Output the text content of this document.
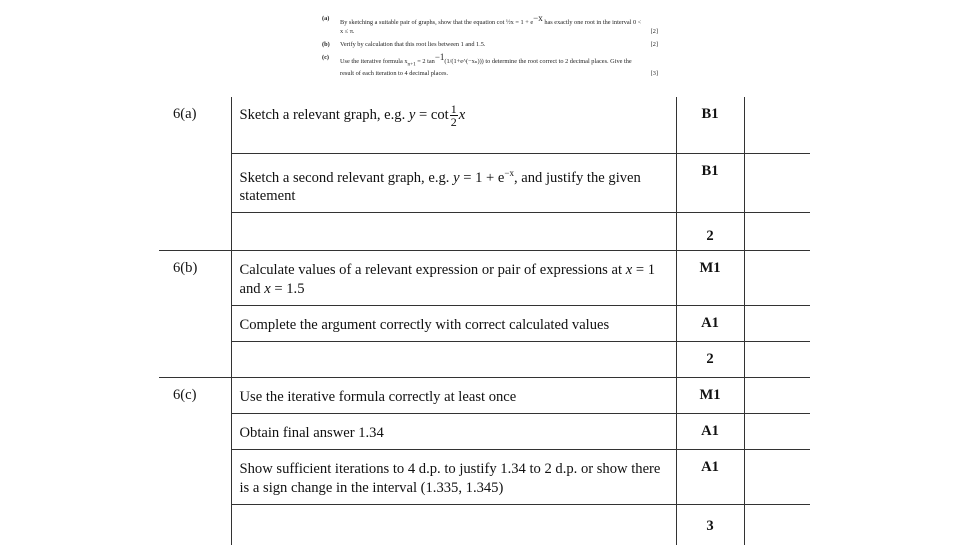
(a)
By sketching a suitable pair of graphs, show that the equation cot ½x = $1 + e^{-x}$ has exactly one root in the interval 0 < x ≤ π.	[2]
(b)	Verify by calculation that this root lies between 1 and 1.5.	[2]
(c)
Use the iterative formula $x_{n+1} = 2$ $\tan^{-1}(1/(1+e\^{}(-x_n)))$ to determine the root correct to 2 decimal places. Give the result of each iteration to 4 decimal places.	[3]
6(a)	Sketch a relevant graph, e.g. $y = \cot \frac{1}{2}$ x	B1	
	Sketch a second relevant graph, e.g. $y = 1 + e^{-x}$, and justify the given statement	B1	
		2	
6(b)	Calculate values of a relevant expression or pair of expressions at x = 1 and x = 1.5	M1	
	Complete the argument correctly with correct calculated values	A1	
		2	
6(c)	Use the iterative formula correctly at least once	M1	
	Obtain final answer 1.34	A1	
	Show sufficient iterations to 4 d.p. to justify 1.34 to 2 d.p. or show there is a sign change in the interval (1.335, 1.345)	A1	
		3	
